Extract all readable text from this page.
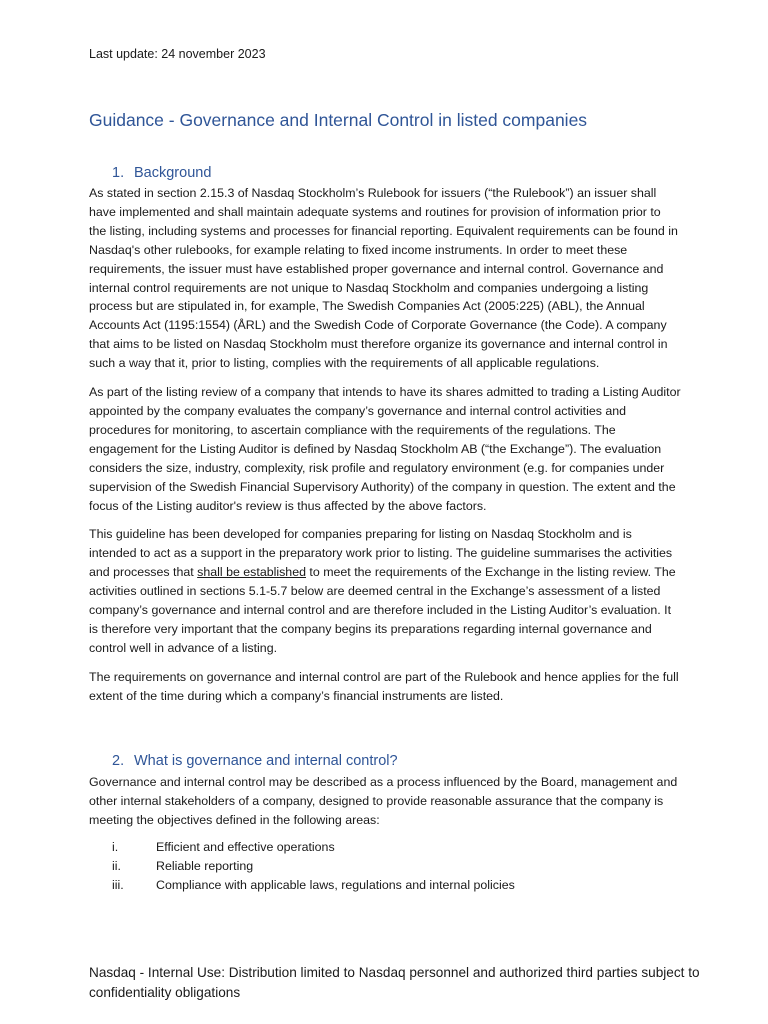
Last update: 24 november 2023
Guidance - Governance and Internal Control in listed companies
1. Background

As stated in section 2.15.3 of Nasdaq Stockholm’s Rulebook for issuers (“the Rulebook”) an issuer shall have implemented and shall maintain adequate systems and routines for provision of information prior to the listing, including systems and processes for financial reporting. Equivalent requirements can be found in Nasdaq's other rulebooks, for example relating to fixed income instruments. In order to meet these requirements, the issuer must have established proper governance and internal control. Governance and internal control requirements are not unique to Nasdaq Stockholm and companies undergoing a listing process but are stipulated in, for example, The Swedish Companies Act (2005:225) (ABL), the Annual Accounts Act (1195:1554) (ÅRL) and the Swedish Code of Corporate Governance (the Code). A company that aims to be listed on Nasdaq Stockholm must therefore organize its governance and internal control in such a way that it, prior to listing, complies with the requirements of all applicable regulations.

As part of the listing review of a company that intends to have its shares admitted to trading a Listing Auditor appointed by the company evaluates the company’s governance and internal control activities and procedures for monitoring, to ascertain compliance with the requirements of the regulations. The engagement for the Listing Auditor is defined by Nasdaq Stockholm AB (“the Exchange”). The evaluation considers the size, industry, complexity, risk profile and regulatory environment (e.g. for companies under supervision of the Swedish Financial Supervisory Authority) of the company in question. The extent and the focus of the Listing auditor's review is thus affected by the above factors.

This guideline has been developed for companies preparing for listing on Nasdaq Stockholm and is intended to act as a support in the preparatory work prior to listing. The guideline summarises the activities and processes that shall be established to meet the requirements of the Exchange in the listing review. The activities outlined in sections 5.1-5.7 below are deemed central in the Exchange’s assessment of a listed company’s governance and internal control and are therefore included in the Listing Auditor’s evaluation. It is therefore very important that the company begins its preparations regarding internal governance and control well in advance of a listing.

The requirements on governance and internal control are part of the Rulebook and hence applies for the full extent of the time during which a company’s financial instruments are listed.

2. What is governance and internal control?

Governance and internal control may be described as a process influenced by the Board, management and other internal stakeholders of a company, designed to provide reasonable assurance that the company is meeting the objectives defined in the following areas:

i.	Efficient and effective operations
ii.	Reliable reporting
iii.	Compliance with applicable laws, regulations and internal policies
Nasdaq - Internal Use: Distribution limited to Nasdaq personnel and authorized third parties subject to confidentiality obligations
